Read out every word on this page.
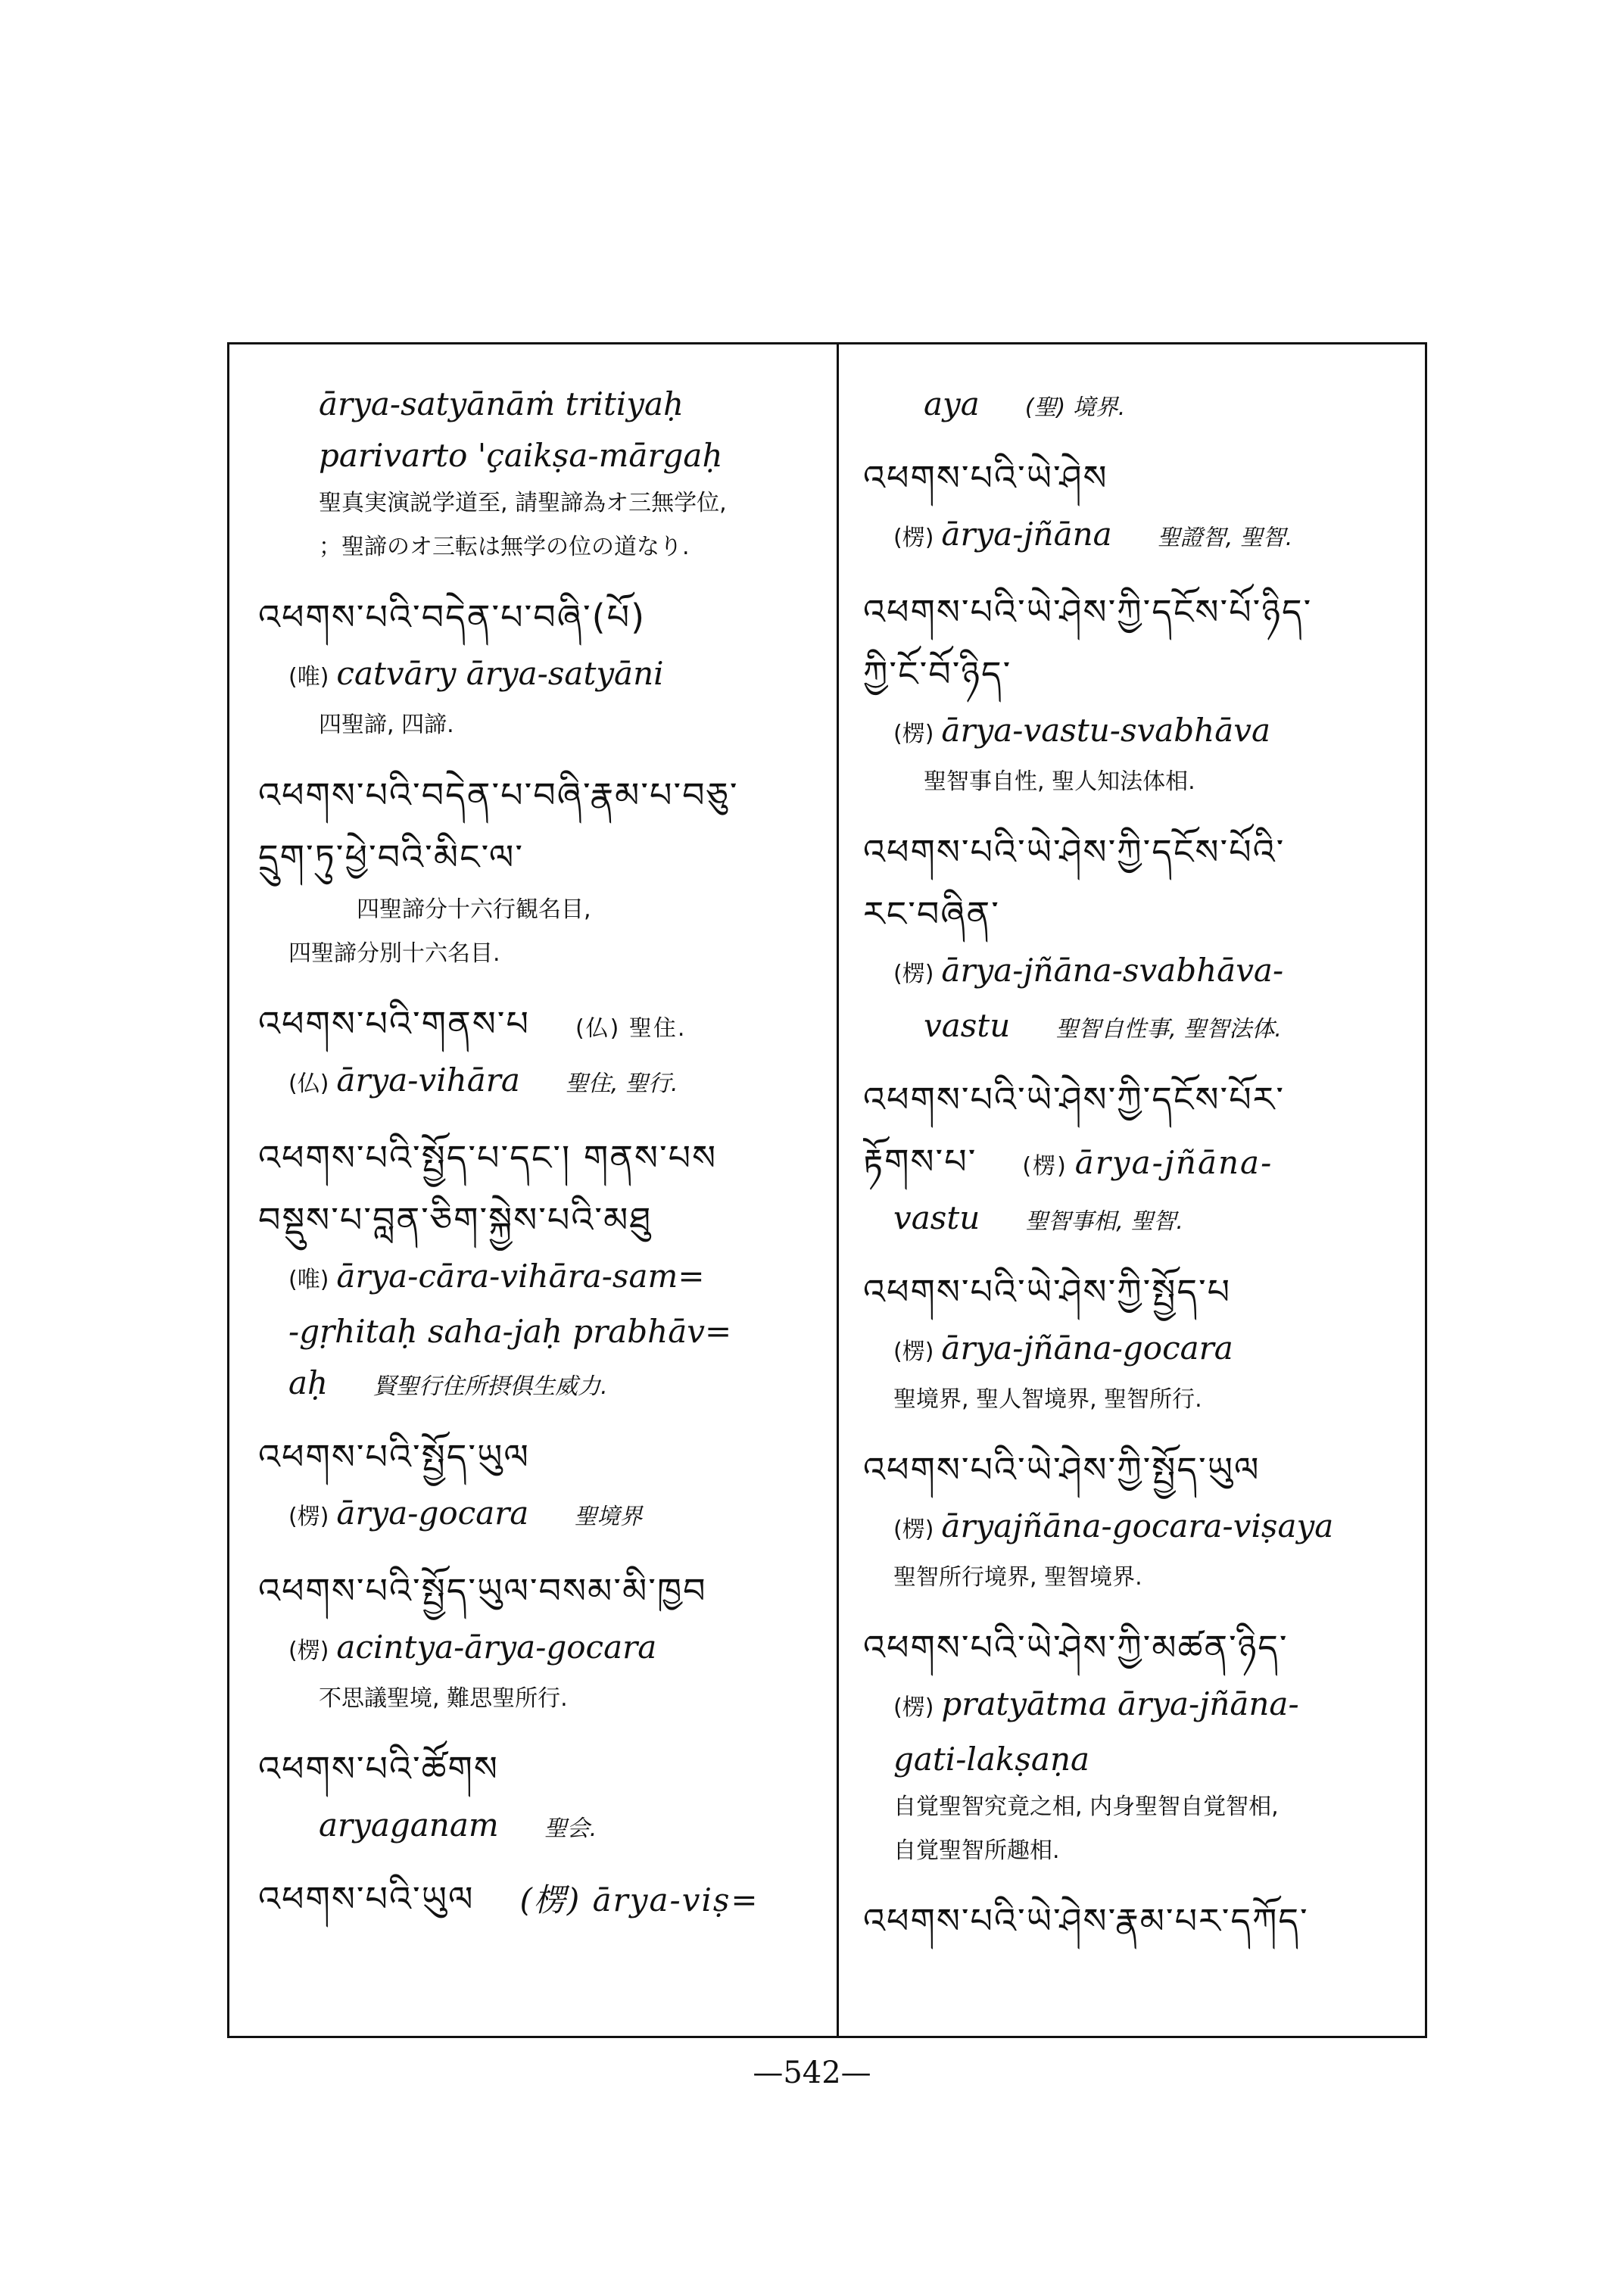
ārya-satyānāṁ tritiyaḥ
parivarto 'çaikṣa-mārgaḥ
聖真実演説学道至, 請聖諦為オ三無学位,
；聖諦のオ三転は無学の位の道なり.
འཕགས་པའི་བདེན་པ་བཞི་(པོ)
(唯) catvāry ārya-satyāni
四聖諦, 四諦.
འཕགས་པའི་བདེན་པ་བཞི་རྣམ་པ་བཅུ་
དྲུག་ཏུ་ཕྱེ་བའི་མིང་ལ་
四聖諦分十六行観名目,
四聖諦分別十六名目.
འཕགས་པའི་གནས་པ (仏) 聖住.
(仏) ārya-vihāra 聖住, 聖行.
འཕགས་པའི་སྤྱོད་པ་དང་། གནས་པས
བསྡུས་པ་བླན་ཅིག་སྐྱེས་པའི་མཐུ
(唯) ārya-cāra-vihāra-sam=
-gṛhitaḥ saha-jaḥ prabhāv=
aḥ 賢聖行住所摂俱生威力.
འཕགས་པའི་སྤྱོད་ཡུལ
(楞) ārya-gocara 聖境界
འཕགས་པའི་སྤྱོད་ཡུལ་བསམ་མི་ཁྱབ
(楞) acintya-ārya-gocara
不思議聖境, 難思聖所行.
འཕགས་པའི་ཚོགས
aryaganam 聖会.
འཕགས་པའི་ཡུལ (楞) ārya-viṣ=
aya (聖) 境界.
འཕགས་པའི་ཡེ་ཤེས
(楞) ārya-jñāna 聖證智, 聖智.
འཕགས་པའི་ཡེ་ཤེས་ཀྱི་དངོས་པོ་ཉིད་
ཀྱི་ངོ་བོ་ཉིད་
(楞) ārya-vastu-svabhāva
聖智事自性, 聖人知法体相.
འཕགས་པའི་ཡེ་ཤེས་ཀྱི་དངོས་པོའི་
རང་བཞིན་
(楞) ārya-jñāna-svabhāva-
vastu 聖智自性事, 聖智法体.
འཕགས་པའི་ཡེ་ཤེས་ཀྱི་དངོས་པོར་
རྟོགས་པ་ (楞) ārya-jñāna-
vastu 聖智事相, 聖智.
འཕགས་པའི་ཡེ་ཤེས་ཀྱི་སྤྱོད་པ
(楞) ārya-jñāna-gocara
聖境界, 聖人智境界, 聖智所行.
འཕགས་པའི་ཡེ་ཤེས་ཀྱི་སྤྱོད་ཡུལ
(楞) āryajñāna-gocara-viṣaya
聖智所行境界, 聖智境界.
འཕགས་པའི་ཡེ་ཤེས་ཀྱི་མཚན་ཉིད་
(楞) pratyātma ārya-jñāna-
gati-lakṣaṇa
自覚聖智究竟之相, 内身聖智自覚智相,
自覚聖智所趣相.
འཕགས་པའི་ཡེ་ཤེས་རྣམ་པར་དཀོད་
—542—
